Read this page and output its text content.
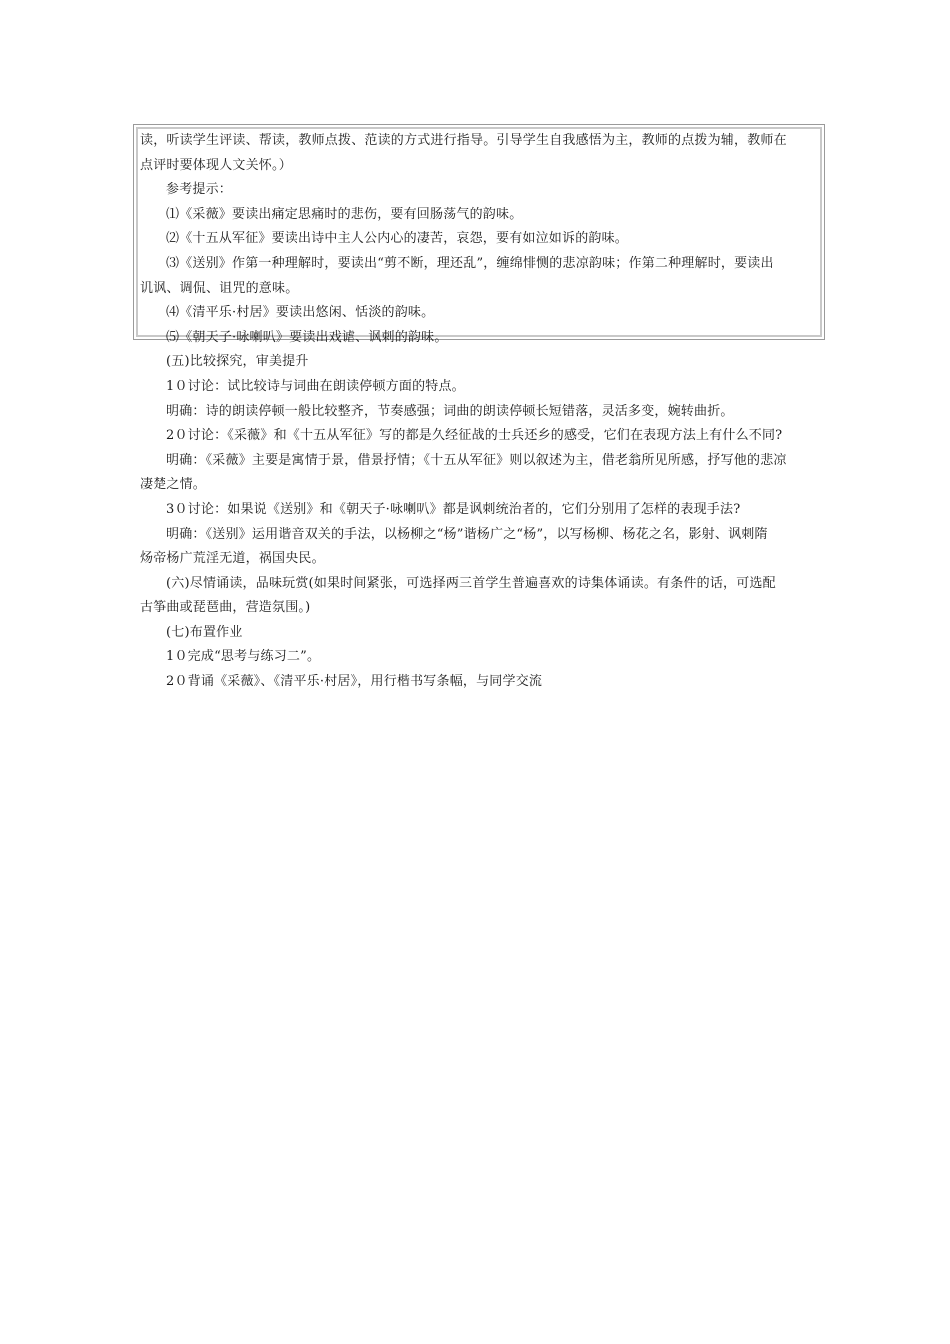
读，听读学生评读、帮读，教师点拨、范读的方式进行指导。引导学生自我感悟为主，教师的点拨为辅，教师在
点评时要体现人文关怀。）
参考提示：
⑴《采薇》要读出痛定思痛时的悲伤，要有回肠荡气的韵味。
⑵《十五从军征》要读出诗中主人公内心的凄苦，哀怨，要有如泣如诉的韵味。
⑶《送别》作第一种理解时，要读出“剪不断，理还乱”，缠绵悱恻的悲凉韵味；作第二种理解时，要读出
讥讽、调侃、诅咒的意味。
⑷《清平乐·村居》要读出悠闲、恬淡的韵味。
⑸《朝天子·咏喇叭》要读出戏谑、讽刺的韵味。
(五)比较探究，审美提升
1０讨论：试比较诗与词曲在朗读停顿方面的特点。
明确：诗的朗读停顿一般比较整齐，节奏感强；词曲的朗读停顿长短错落，灵活多变，婉转曲折。
2０讨论：《采薇》和《十五从军征》写的都是久经征战的士兵还乡的感受，它们在表现方法上有什么不同?
明确：《采薇》主要是寓情于景，借景抒情；《十五从军征》则以叙述为主，借老翁所见所感，抒写他的悲凉
凄楚之情。
3０讨论：如果说《送别》和《朝天子·咏喇叭》都是讽刺统治者的，它们分别用了怎样的表现手法?
明确：《送别》运用谐音双关的手法，以杨柳之“杨”谐杨广之“杨”，以写杨柳、杨花之名，影射、讽刺隋
炀帝杨广荒淫无道，祸国央民。
(六)尽情诵读，品味玩赏(如果时间紧张，可选择两三首学生普遍喜欢的诗集体诵读。有条件的话，可选配
古筝曲或琵琶曲，营造氛围。)
(七)布置作业
1０完成“思考与练习二”。
2０背诵《采薇》、《清平乐·村居》，用行楷书写条幅，与同学交流
